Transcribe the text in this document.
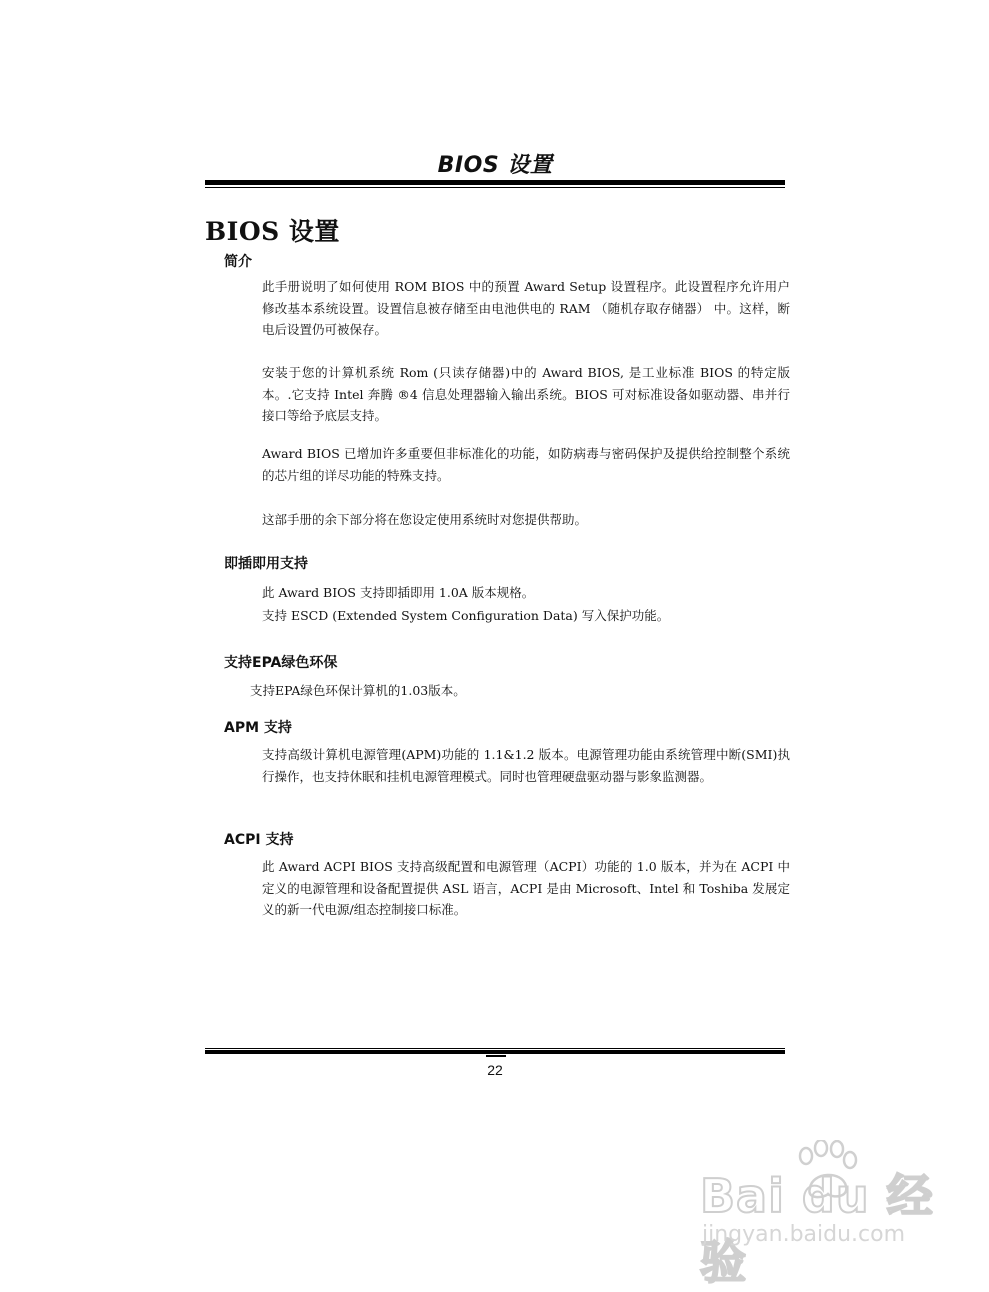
BIOS 设置
BIOS 设置
简介
此手册说明了如何使用 ROM BIOS 中的预置 Award Setup 设置程序。此设置程序允许用户修改基本系统设置。设置信息被存储至由电池供电的 RAM （随机存取存储器） 中。这样，断电后设置仍可被保存。
安装于您的计算机系统 Rom (只读存储器)中的 Award BIOS, 是工业标准 BIOS 的特定版本。.它支持 Intel 奔腾 ®4 信息处理器输入输出系统。BIOS 可对标准设备如驱动器、串并行接口等给予底层支持。
Award BIOS 已增加许多重要但非标准化的功能，如防病毒与密码保护及提供给控制整个系统的芯片组的详尽功能的特殊支持。
这部手册的余下部分将在您设定使用系统时对您提供帮助。
即插即用支持
此 Award BIOS 支持即插即用 1.0A 版本规格。
支持 ESCD (Extended System Configuration Data) 写入保护功能。
支持EPA绿色环保
支持EPA绿色环保计算机的1.03版本。
APM 支持
支持高级计算机电源管理(APM)功能的 1.1&1.2 版本。电源管理功能由系统管理中断(SMI)执行操作，也支持休眠和挂机电源管理模式。同时也管理硬盘驱动器与影象监测器。
ACPI 支持
此 Award ACPI BIOS 支持高级配置和电源管理（ACPI）功能的 1.0 版本，并为在 ACPI 中定义的电源管理和设备配置提供 ASL 语言，ACPI 是由 Microsoft、Intel 和 Toshiba 发展定义的新一代电源/组态控制接口标准。
22
Bai du 经验
jingyan.baidu.com
